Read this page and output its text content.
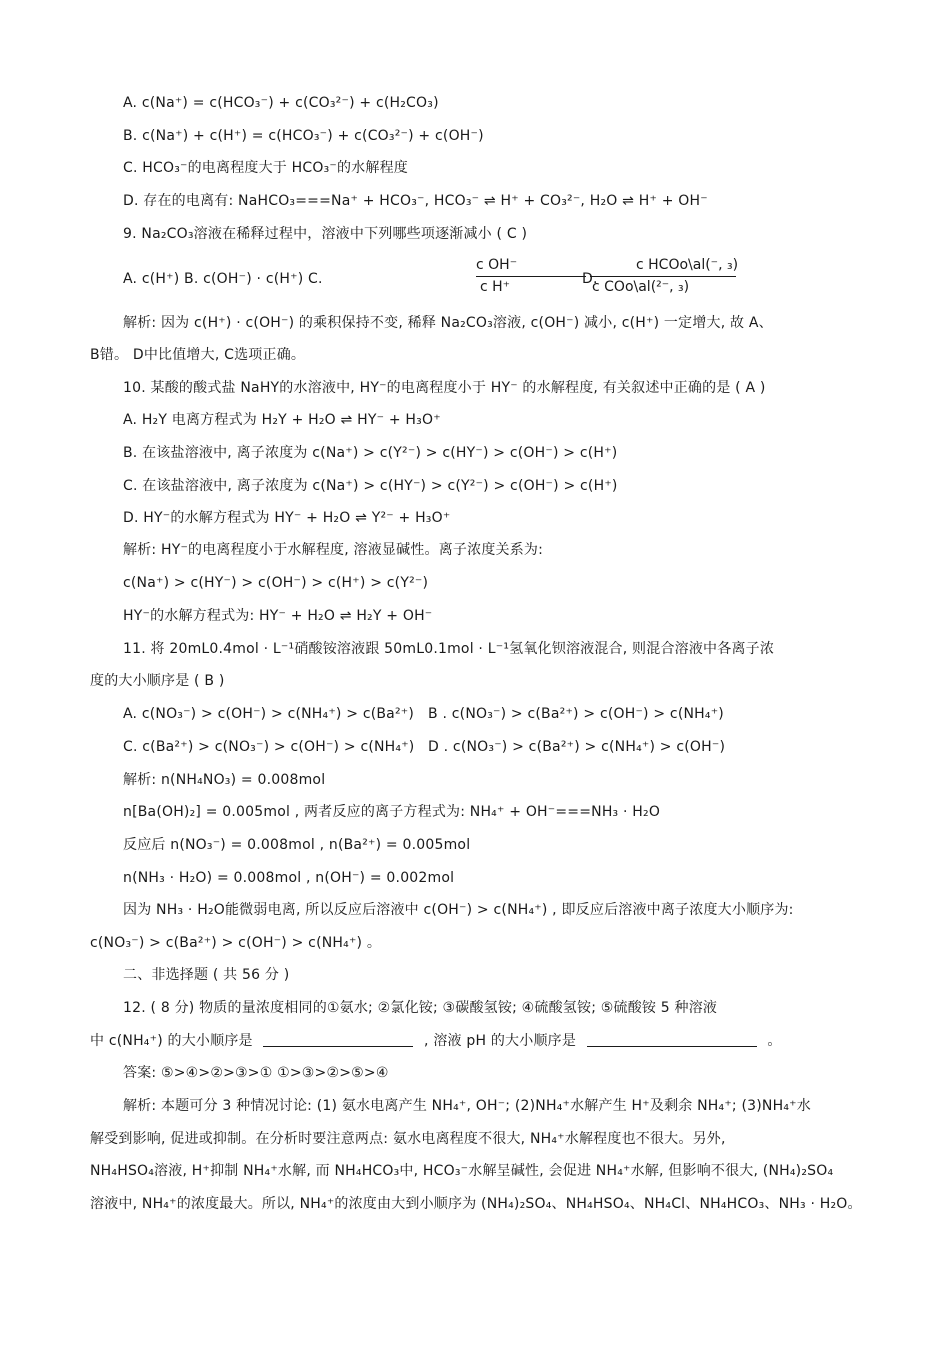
A. c(Na⁺) = c(HCO₃⁻) + c(CO₃²⁻) + c(H₂CO₃)
B. c(Na⁺) + c(H⁺) = c(HCO₃⁻) + c(CO₃²⁻) + c(OH⁻)
C. HCO₃⁻的电离程度大于 HCO₃⁻的水解程度
D. 存在的电离有: NaHCO₃===Na⁺ + HCO₃⁻, HCO₃⁻ ⇌ H⁺ + CO₃²⁻, H₂O ⇌ H⁺ + OH⁻
9. Na₂CO₃溶液在稀释过程中，溶液中下列哪些项逐渐减小 ( C )
A. c(H⁺) B. c(OH⁻) · c(H⁺) C.
c OH⁻
c H⁺	D.
c HCOo\al(⁻, ₃)
c COo\al(²⁻, ₃)
解析: 因为 c(H⁺) · c(OH⁻) 的乘积保持不变, 稀释 Na₂CO₃溶液, c(OH⁻) 减小, c(H⁺) 一定增大, 故 A、
B错。 D中比值增大, C选项正确。
10. 某酸的酸式盐 NaHY的水溶液中, HY⁻的电离程度小于 HY⁻ 的水解程度, 有关叙述中正确的是 ( A )
A. H₂Y 电离方程式为 H₂Y + H₂O ⇌ HY⁻ + H₃O⁺
B. 在该盐溶液中, 离子浓度为 c(Na⁺) > c(Y²⁻) > c(HY⁻) > c(OH⁻) > c(H⁺)
C. 在该盐溶液中, 离子浓度为 c(Na⁺) > c(HY⁻) > c(Y²⁻) > c(OH⁻) > c(H⁺)
D. HY⁻的水解方程式为 HY⁻ + H₂O ⇌ Y²⁻ + H₃O⁺
解析: HY⁻的电离程度小于水解程度, 溶液显碱性。离子浓度关系为:
c(Na⁺) > c(HY⁻) > c(OH⁻) > c(H⁺) > c(Y²⁻)
HY⁻的水解方程式为: HY⁻ + H₂O ⇌ H₂Y + OH⁻
11. 将 20mL0.4mol · L⁻¹硝酸铵溶液跟 50mL0.1mol · L⁻¹氢氧化钡溶液混合, 则混合溶液中各离子浓
度的大小顺序是 ( B )
A. c(NO₃⁻) > c(OH⁻) > c(NH₄⁺) > c(Ba²⁺) B . c(NO₃⁻) > c(Ba²⁺) > c(OH⁻) > c(NH₄⁺)
C. c(Ba²⁺) > c(NO₃⁻) > c(OH⁻) > c(NH₄⁺) D . c(NO₃⁻) > c(Ba²⁺) > c(NH₄⁺) > c(OH⁻)
解析: n(NH₄NO₃) = 0.008mol
n[Ba(OH)₂] = 0.005mol , 两者反应的离子方程式为: NH₄⁺ + OH⁻===NH₃ · H₂O
反应后 n(NO₃⁻) = 0.008mol , n(Ba²⁺) = 0.005mol
n(NH₃ · H₂O) = 0.008mol , n(OH⁻) = 0.002mol
因为 NH₃ · H₂O能微弱电离, 所以反应后溶液中 c(OH⁻) > c(NH₄⁺) , 即反应后溶液中离子浓度大小顺序为:
c(NO₃⁻) > c(Ba²⁺) > c(OH⁻) > c(NH₄⁺) 。
二、非选择题 ( 共 56 分 )
12. ( 8 分) 物质的量浓度相同的①氨水; ②氯化铵; ③碳酸氢铵; ④硫酸氢铵; ⑤硫酸铵 5 种溶液
中 c(NH₄⁺) 的大小顺序是	, 溶液 pH 的大小顺序是	。
答案: ⑤>④>②>③>① ①>③>②>⑤>④
解析: 本题可分 3 种情况讨论: (1) 氨水电离产生 NH₄⁺, OH⁻; (2)NH₄⁺水解产生 H⁺及剩余 NH₄⁺; (3)NH₄⁺水
解受到影响, 促进或抑制。在分析时要注意两点: 氨水电离程度不很大, NH₄⁺水解程度也不很大。另外,
NH₄HSO₄溶液, H⁺抑制 NH₄⁺水解, 而 NH₄HCO₃中, HCO₃⁻水解呈碱性, 会促进 NH₄⁺水解, 但影响不很大, (NH₄)₂SO₄
溶液中, NH₄⁺的浓度最大。所以, NH₄⁺的浓度由大到小顺序为 (NH₄)₂SO₄、NH₄HSO₄、NH₄Cl、NH₄HCO₃、NH₃ · H₂O。
